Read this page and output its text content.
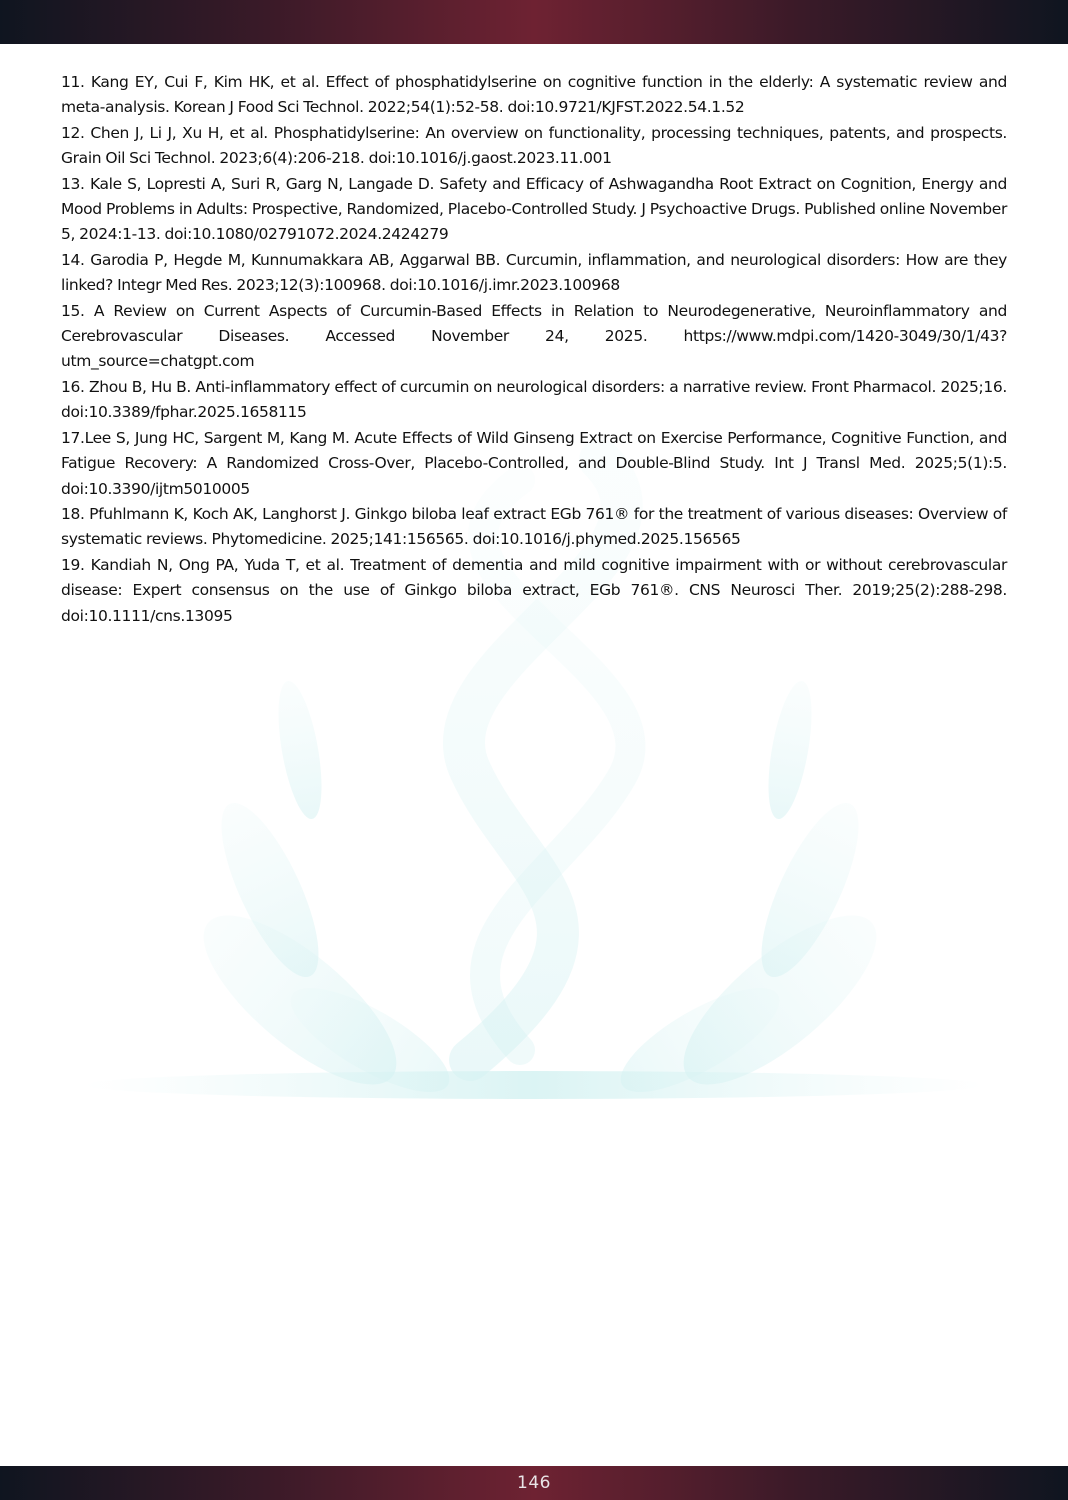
11. Kang EY, Cui F, Kim HK, et al. Effect of phosphatidylserine on cognitive function in the elderly: A systematic review and meta-analysis. Korean J Food Sci Technol. 2022;54(1):52-58. doi:10.9721/KJFST.2022.54.1.52
12. Chen J, Li J, Xu H, et al. Phosphatidylserine: An overview on functionality, processing techniques, patents, and prospects. Grain Oil Sci Technol. 2023;6(4):206-218. doi:10.1016/j.gaost.2023.11.001
13. Kale S, Lopresti A, Suri R, Garg N, Langade D. Safety and Efficacy of Ashwagandha Root Extract on Cognition, Energy and Mood Problems in Adults: Prospective, Randomized, Placebo-Controlled Study. J Psychoactive Drugs. Published online November 5, 2024:1-13. doi:10.1080/02791072.2024.2424279
14. Garodia P, Hegde M, Kunnumakkara AB, Aggarwal BB. Curcumin, inflammation, and neurological disorders: How are they linked? Integr Med Res. 2023;12(3):100968. doi:10.1016/j.imr.2023.100968
15. A Review on Current Aspects of Curcumin-Based Effects in Relation to Neurodegenerative, Neuroinflammatory and Cerebrovascular Diseases. Accessed November 24, 2025. https://www.mdpi.com/1420-3049/30/1/43?utm_source=chatgpt.com
16. Zhou B, Hu B. Anti-inflammatory effect of curcumin on neurological disorders: a narrative review. Front Pharmacol. 2025;16. doi:10.3389/fphar.2025.1658115
17.Lee S, Jung HC, Sargent M, Kang M. Acute Effects of Wild Ginseng Extract on Exercise Performance, Cognitive Function, and Fatigue Recovery: A Randomized Cross-Over, Placebo-Controlled, and Double-Blind Study. Int J Transl Med. 2025;5(1):5. doi:10.3390/ijtm5010005
18. Pfuhlmann K, Koch AK, Langhorst J. Ginkgo biloba leaf extract EGb 761® for the treatment of various diseases: Overview of systematic reviews. Phytomedicine. 2025;141:156565. doi:10.1016/j.phymed.2025.156565
19. Kandiah N, Ong PA, Yuda T, et al. Treatment of dementia and mild cognitive impairment with or without cerebrovascular disease: Expert consensus on the use of Ginkgo biloba extract, EGb 761®. CNS Neurosci Ther. 2019;25(2):288-298. doi:10.1111/cns.13095
146
